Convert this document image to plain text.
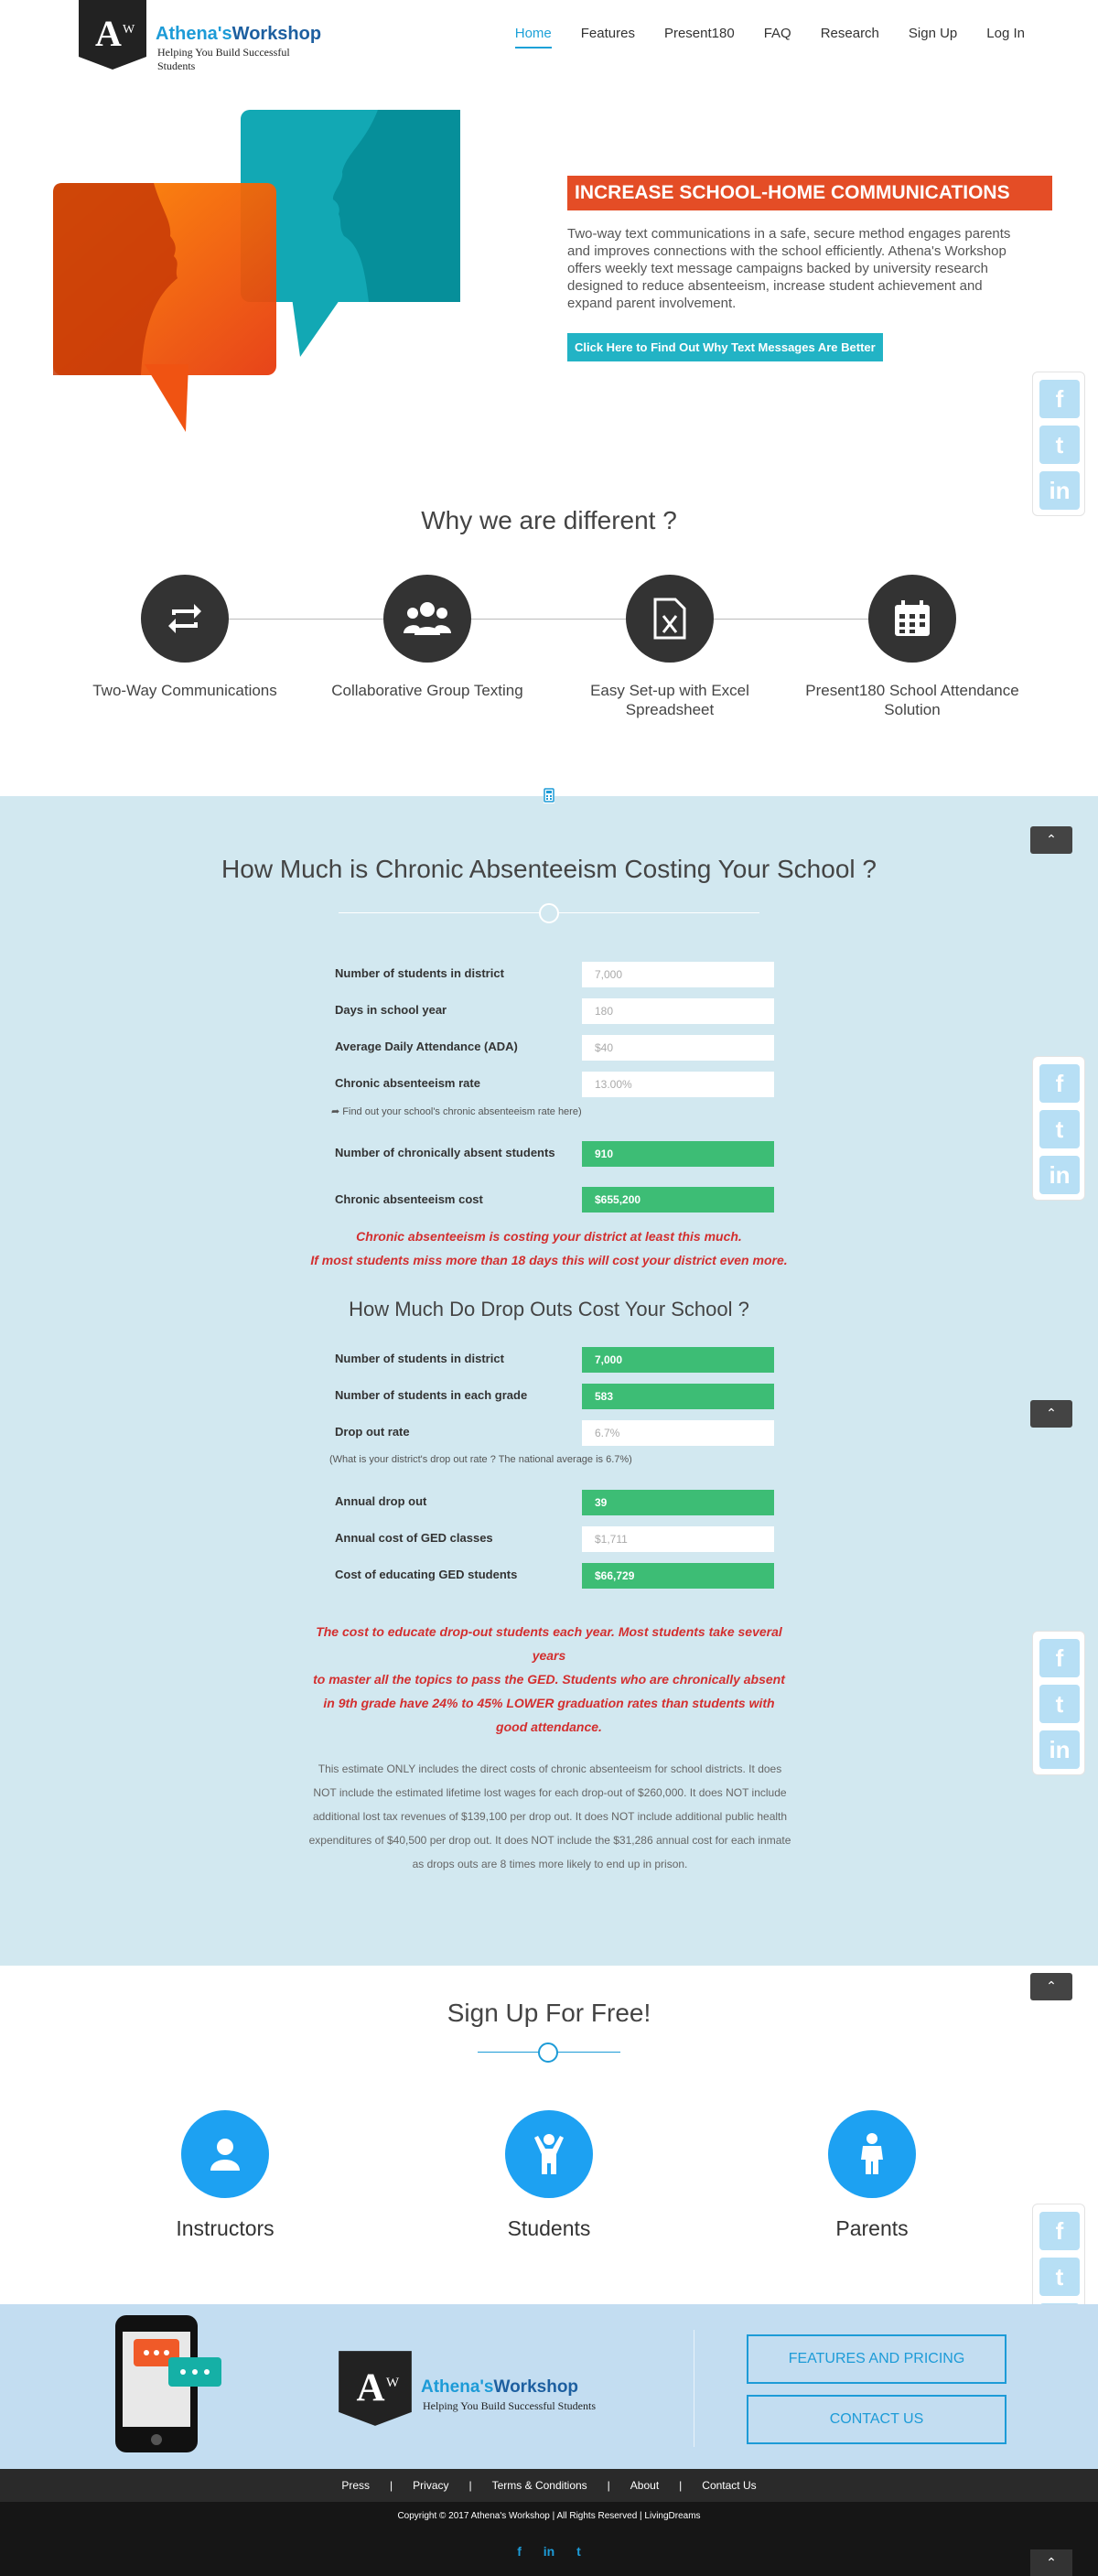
A W Athena'sWorkshop
Helping You Build Successful Students
Home Features Present180 FAQ Research Sign Up Log In
INCREASE SCHOOL-HOME COMMUNICATIONS
Two-way text communications in a safe, secure method engages parents and improves connections with the school efficiently. Athena's Workshop offers weekly text message campaigns backed by university research designed to reduce absenteeism, increase student achievement and expand parent involvement.
Click Here to Find Out Why Text Messages Are Better
f
t
in
Why we are different ?
Two-Way Communications	Collaborative Group Texting	Easy Set-up with Excel Spreadsheet
Present180 School Attendance Solution
⌃
How Much is Chronic Absenteeism Costing Your School ?
Number of students in district	7,000
Days in school year	180
Average Daily Attendance (ADA)	$40
Chronic absenteeism rate	13.00%
➦ Find out your school's chronic absenteeism rate here)
Number of chronically absent students	910
Chronic absenteeism cost	$655,200
Chronic absenteeism is costing your district at least this much.
If most students miss more than 18 days this will cost your district even more.
How Much Do Drop Outs Cost Your School ?
Number of students in district	7,000
Number of students in each grade	583
⌃
Drop out rate	6.7%
(What is your district's drop out rate ? The national average is 6.7%)
Annual drop out	39
Annual cost of GED classes	$1,711
Cost of educating GED students	$66,729
The cost to educate drop-out students each year. Most students take several years
to master all the topics to pass the GED. Students who are chronically absent in 9th grade have 24% to 45% LOWER graduation rates than students with good attendance.
This estimate ONLY includes the direct costs of chronic absenteeism for school districts. It does NOT include the estimated lifetime lost wages for each drop-out of $260,000. It does NOT include additional lost tax revenues of $139,100 per drop out. It does NOT include additional public health expenditures of $40,500 per drop out. It does NOT include the $31,286 annual cost for each inmate as drops outs are 8 times more likely to end up in prison.
f
t
in
f
t
in
⌃
Sign Up For Free!
Instructors	Students	Parents	f
t
A W Athena'sWorkshop
Helping You Build Successful Students
FEATURES AND PRICING
CONTACT US
Press	|	Privacy	|	Terms & Conditions	|	About	|	Contact Us
Copyright © 2017 Athena's Workshop | All Rights Reserved | LivingDreams
f in t
⌃
